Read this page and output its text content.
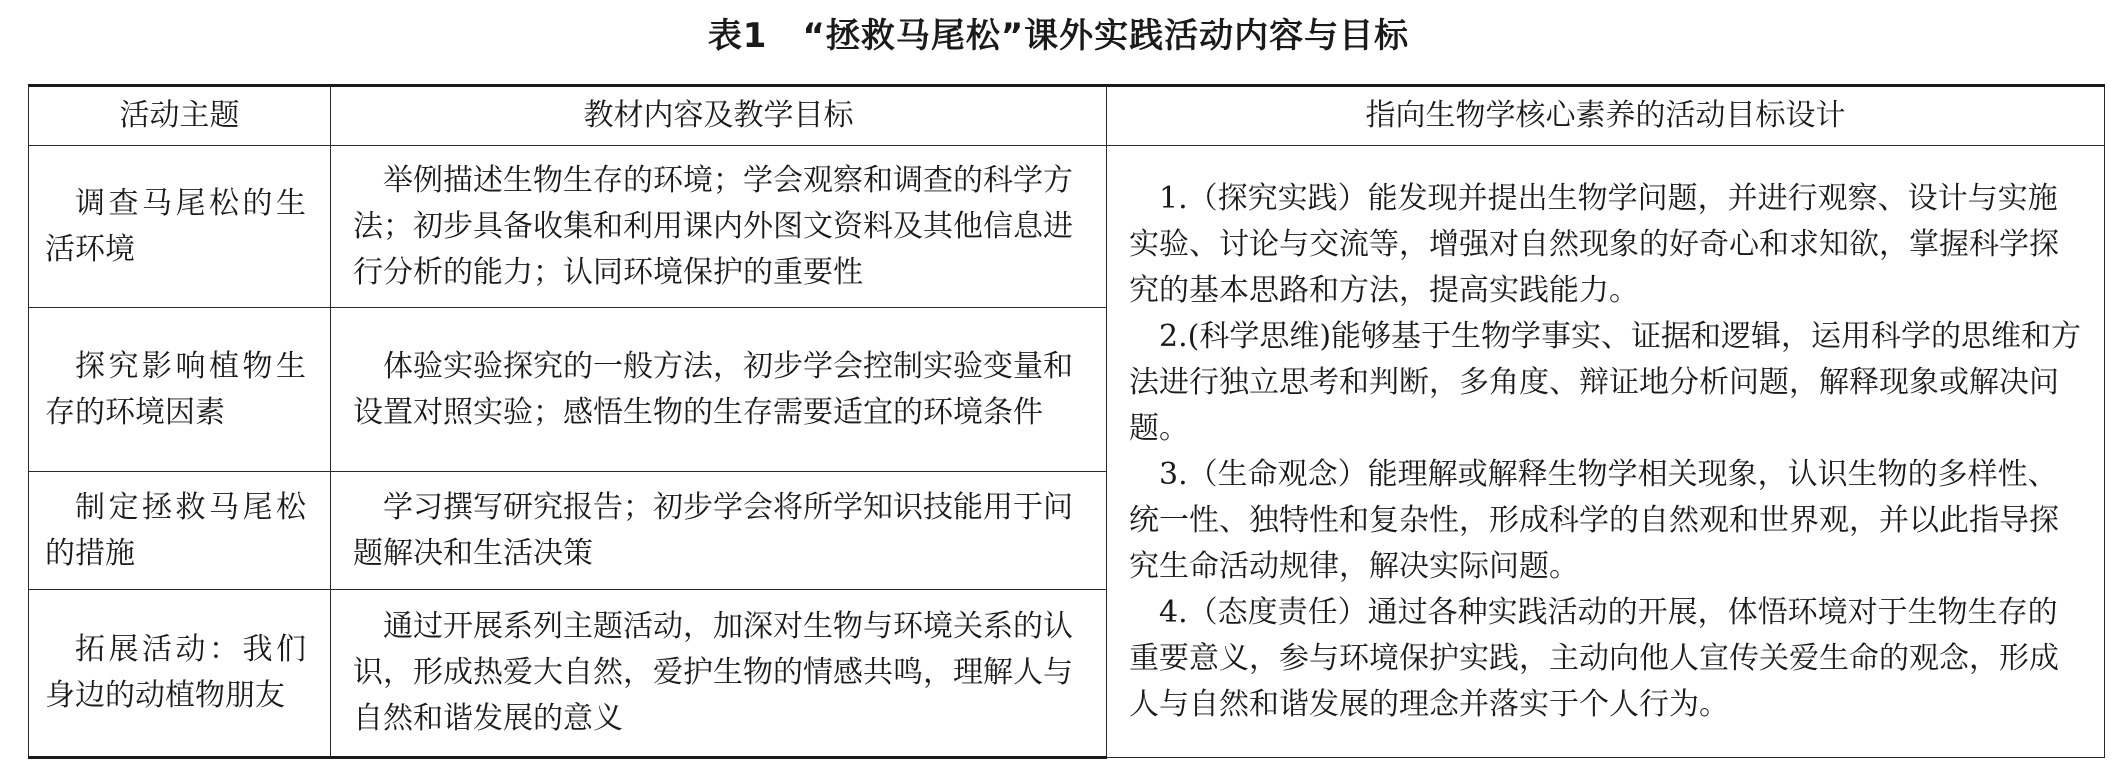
表1　“拯救马尾松”课外实践活动内容与目标
活动主题	教材内容及教学目标	指向生物学核心素养的活动目标设计

调查马尾松的生活环境	举例描述生物生存的环境；学会观察和调查的科学方法；初步具备收集和利用课内外图文资料及其他信息进行分析的能力；认同环境保护的重要性	1.（探究实践）能发现并提出生物学问题，并进行观察、设计与实施实验、讨论与交流等，增强对自然现象的好奇心和求知欲，掌握科学探究的基本思路和方法，提高实践能力。
2.(科学思维)能够基于生物学事实、证据和逻辑，运用科学的思维和方法进行独立思考和判断，多角度、辩证地分析问题，解释现象或解决问题。
3.（生命观念）能理解或解释生物学相关现象，认识生物的多样性、统一性、独特性和复杂性，形成科学的自然观和世界观，并以此指导探究生命活动规律，解决实际问题。
4.（态度责任）通过各种实践活动的开展，体悟环境对于生物生存的重要意义，参与环境保护实践，主动向他人宣传关爱生命的观念，形成人与自然和谐发展的理念并落实于个人行为。

探究影响植物生存的环境因素	体验实验探究的一般方法，初步学会控制实验变量和设置对照实验；感悟生物的生存需要适宜的环境条件	

制定拯救马尾松的措施	学习撰写研究报告；初步学会将所学知识技能用于问题解决和生活决策	

拓展活动：我们身边的动植物朋友	通过开展系列主题活动，加深对生物与环境关系的认识，形成热爱大自然，爱护生物的情感共鸣，理解人与自然和谐发展的意义	
